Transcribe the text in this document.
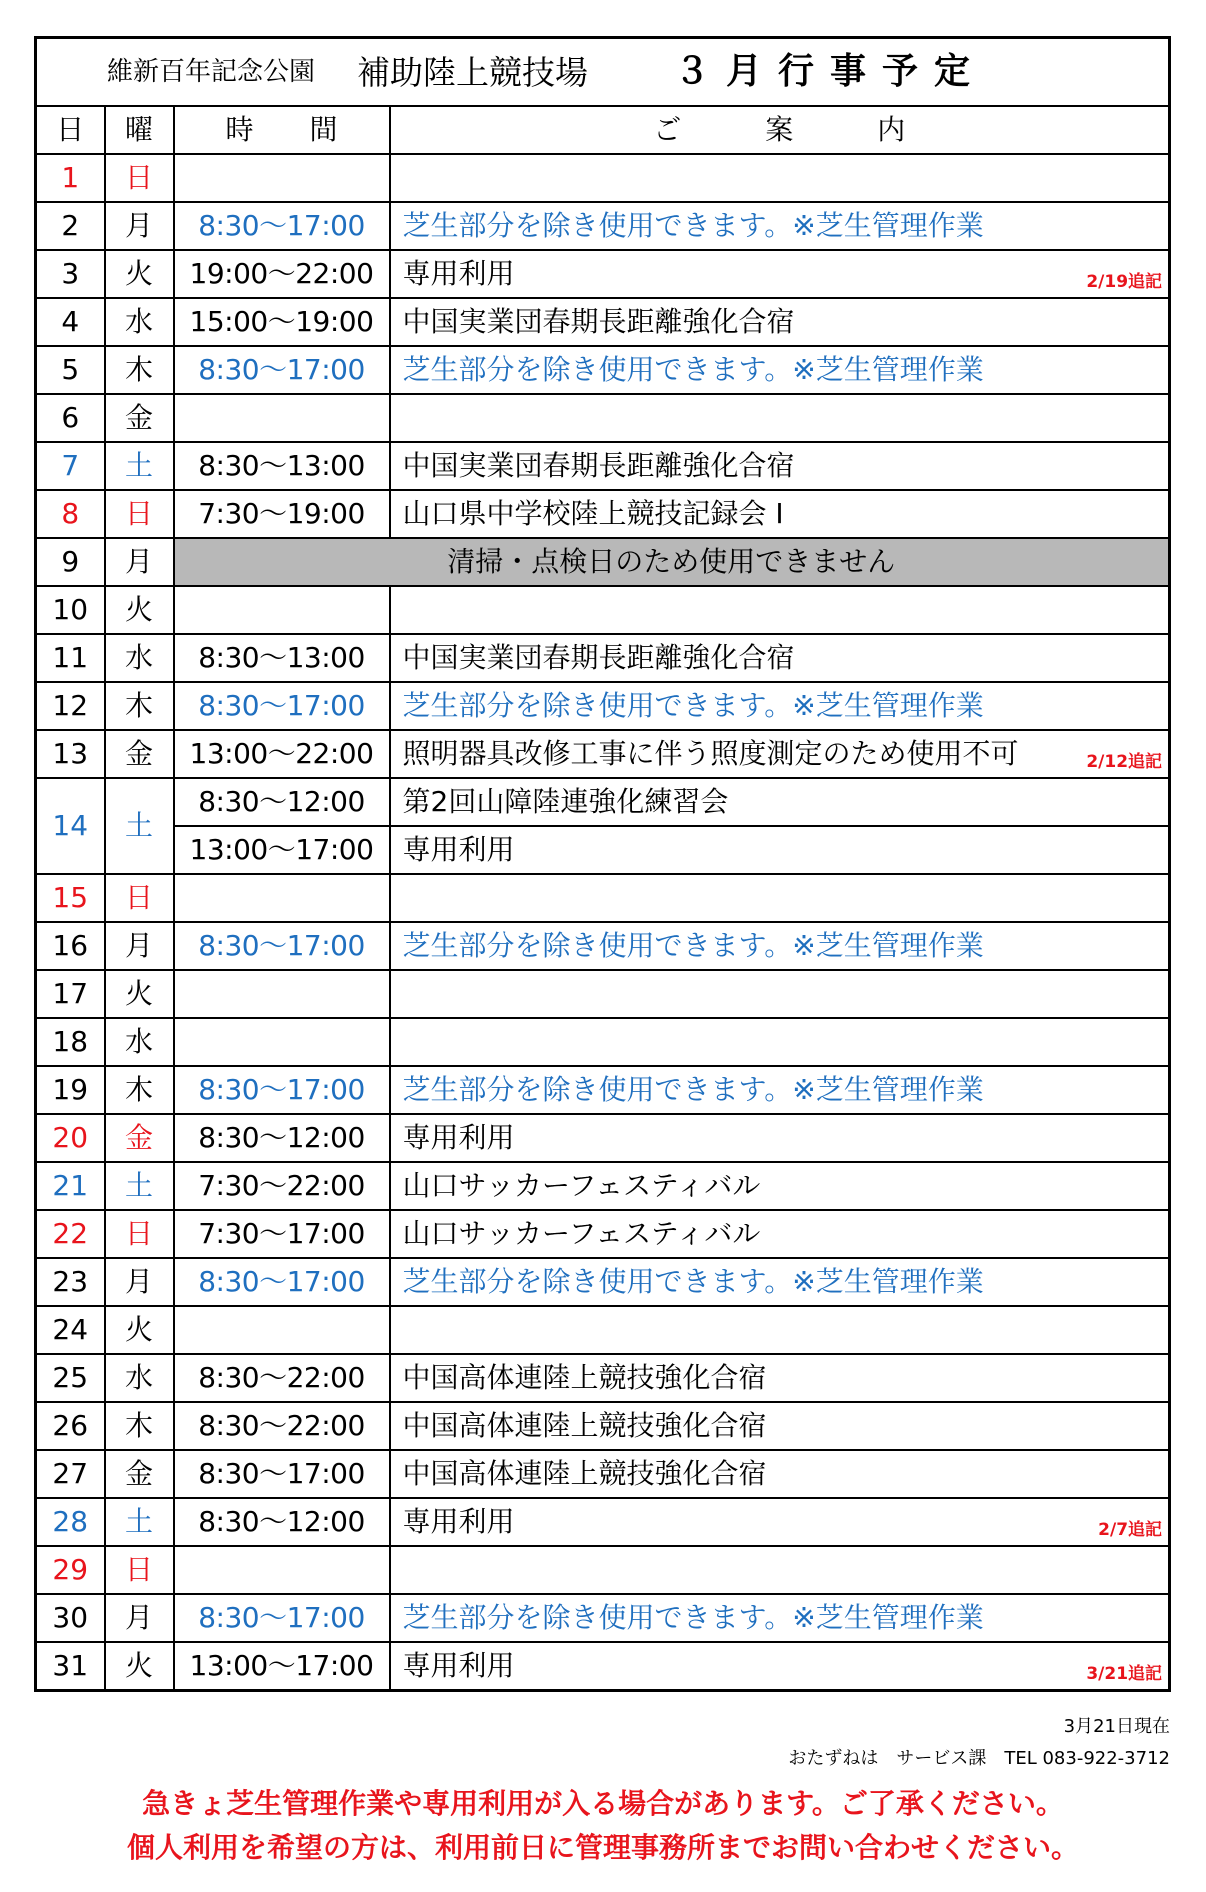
維新百年記念公園 補助陸上競技場 ３月行事予定			

日	曜	時　　間	ご　　　案　　　内
1	日		
2	月	8:30～17:00	芝生部分を除き使用できます。※芝生管理作業
3	火	19:00～22:00	専用利用 2/19追記

4	水	15:00～19:00	中国実業団春期長距離強化合宿
5	木	8:30～17:00	芝生部分を除き使用できます。※芝生管理作業
6	金		
7	土	8:30～13:00	中国実業団春期長距離強化合宿
8	日	7:30～19:00	山口県中学校陸上競技記録会 Ⅰ
9	月	清掃・点検日のため使用できません	
10	火		
11	水	8:30～13:00	中国実業団春期長距離強化合宿
12	木	8:30～17:00	芝生部分を除き使用できます。※芝生管理作業
13	金	13:00～22:00	照明器具改修工事に伴う照度測定のため使用不可 2/12追記

14	土	8:30～12:00	第2回山障陸連強化練習会
		13:00～17:00	専用利用
15	日		
16	月	8:30～17:00	芝生部分を除き使用できます。※芝生管理作業
17	火		
18	水		
19	木	8:30～17:00	芝生部分を除き使用できます。※芝生管理作業
20	金	8:30～12:00	専用利用
21	土	7:30～22:00	山口サッカーフェスティバル
22	日	7:30～17:00	山口サッカーフェスティバル
23	月	8:30～17:00	芝生部分を除き使用できます。※芝生管理作業
24	火		
25	水	8:30～22:00	中国高体連陸上競技強化合宿
26	木	8:30～22:00	中国高体連陸上競技強化合宿
27	金	8:30～17:00	中国高体連陸上競技強化合宿
28	土	8:30～12:00	専用利用 2/7追記

29	日		
30	月	8:30～17:00	芝生部分を除き使用できます。※芝生管理作業
31	火	13:00～17:00	専用利用 3/21追記
3月21日現在
おたずねは　サービス課　TEL 083-922-3712
急きょ芝生管理作業や専用利用が入る場合があります。ご了承ください。
個人利用を希望の方は、利用前日に管理事務所までお問い合わせください。
